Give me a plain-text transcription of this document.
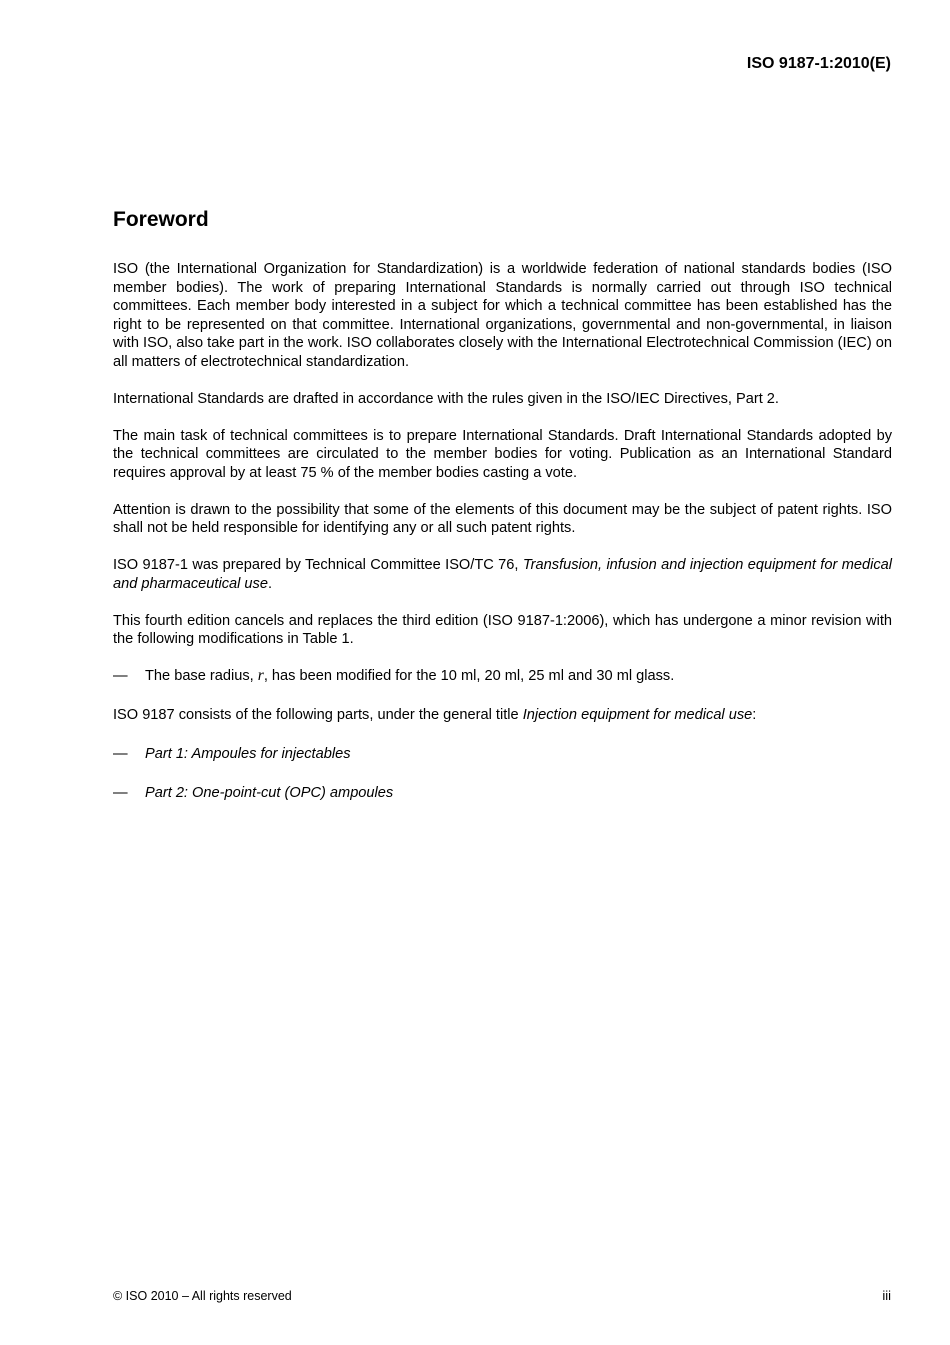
ISO 9187-1:2010(E)
Foreword

ISO (the International Organization for Standardization) is a worldwide federation of national standards bodies (ISO member bodies). The work of preparing International Standards is normally carried out through ISO technical committees. Each member body interested in a subject for which a technical committee has been established has the right to be represented on that committee. International organizations, governmental and non-governmental, in liaison with ISO, also take part in the work. ISO collaborates closely with the International Electrotechnical Commission (IEC) on all matters of electrotechnical standardization.

International Standards are drafted in accordance with the rules given in the ISO/IEC Directives, Part 2.

The main task of technical committees is to prepare International Standards. Draft International Standards adopted by the technical committees are circulated to the member bodies for voting. Publication as an International Standard requires approval by at least 75 % of the member bodies casting a vote.

Attention is drawn to the possibility that some of the elements of this document may be the subject of patent rights. ISO shall not be held responsible for identifying any or all such patent rights.

ISO 9187-1 was prepared by Technical Committee ISO/TC 76, Transfusion, infusion and injection equipment for medical and pharmaceutical use.

This fourth edition cancels and replaces the third edition (ISO 9187-1:2006), which has undergone a minor revision with the following modifications in Table 1.

—	The base radius, r, has been modified for the 10 ml, 20 ml, 25 ml and 30 ml glass.

ISO 9187 consists of the following parts, under the general title Injection equipment for medical use:

—	Part 1: Ampoules for injectables
—	Part 2: One-point-cut (OPC) ampoules
© ISO 2010 – All rights reserved	iii
